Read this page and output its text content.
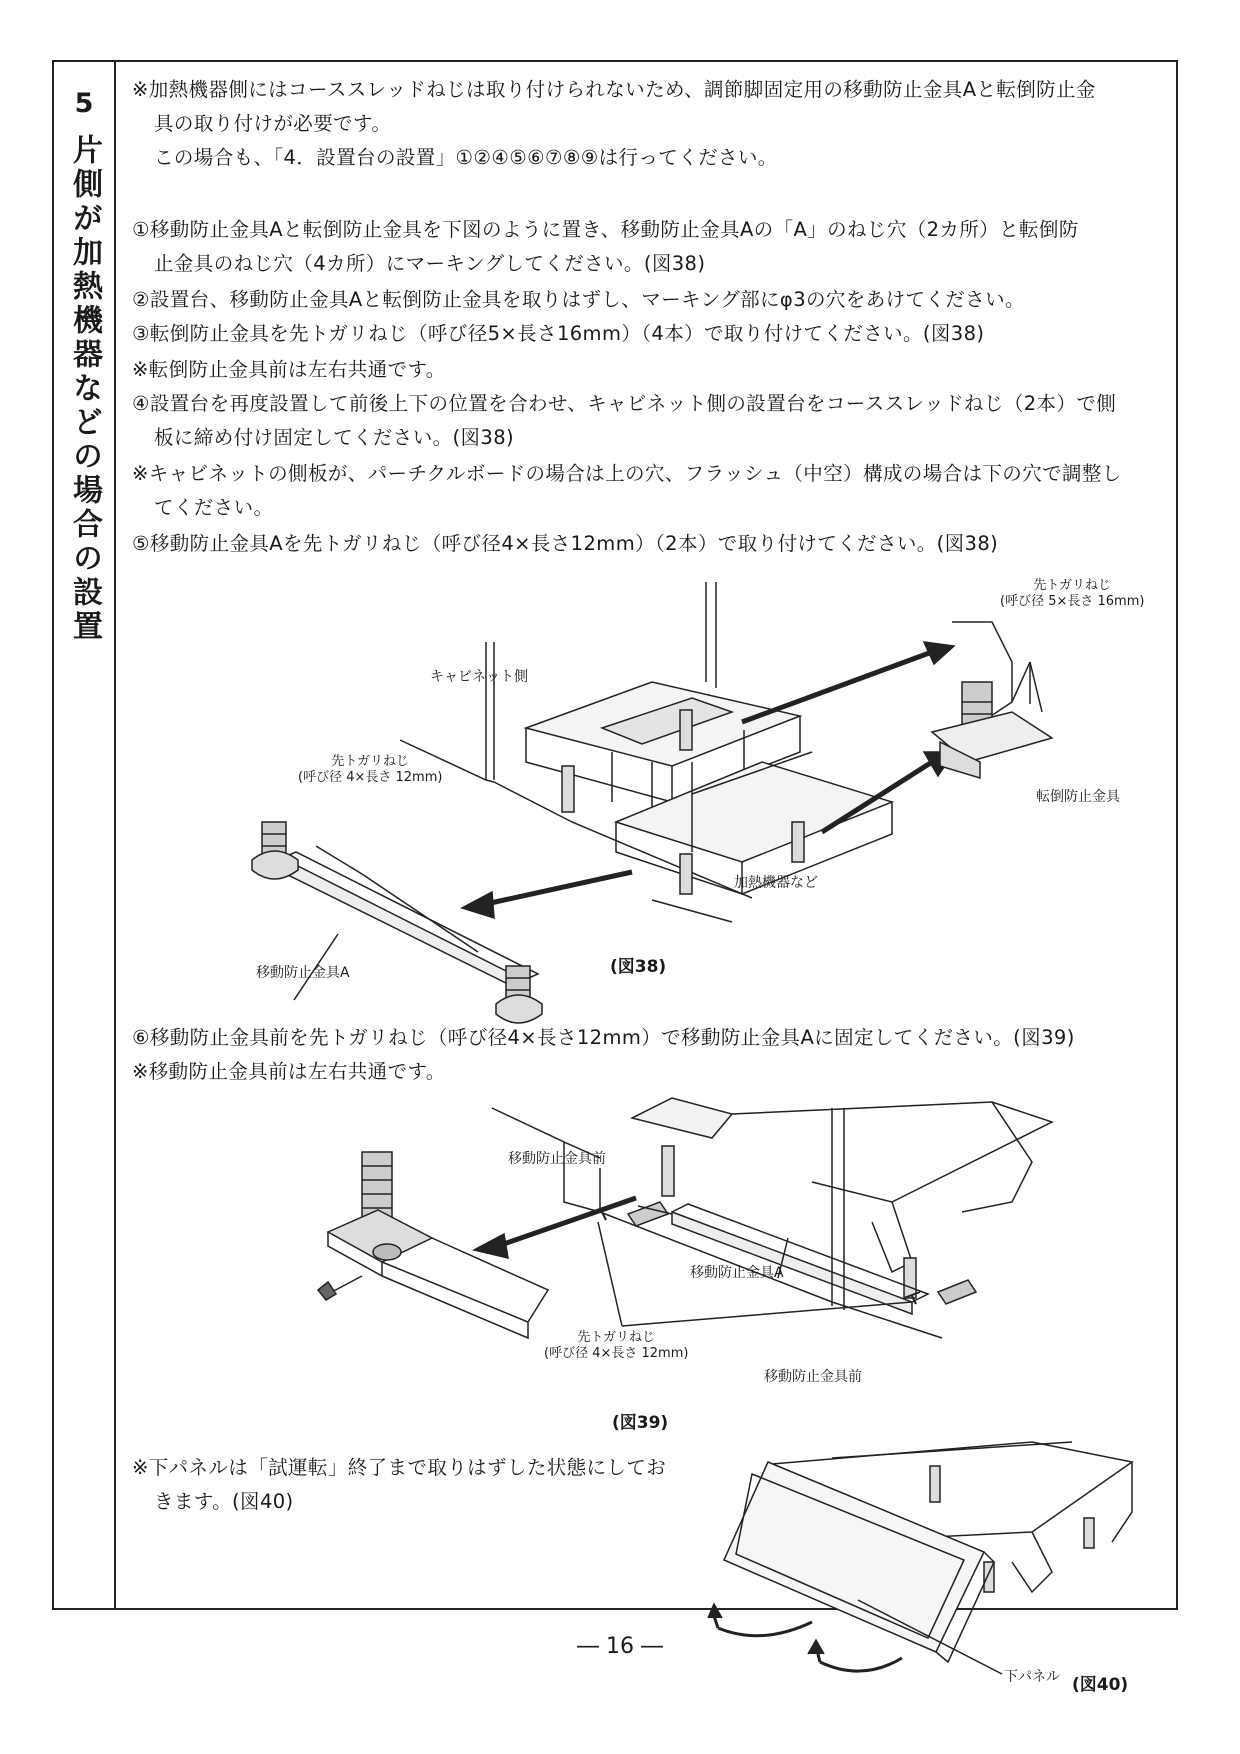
5
片側が加熱機器などの場合の設置
※加熱機器側にはコーススレッドねじは取り付けられないため、調節脚固定用の移動防止金具Aと転倒防止金
具の取り付けが必要です。
この場合も、「4．設置台の設置」①②④⑤⑥⑦⑧⑨は行ってください。
①移動防止金具Aと転倒防止金具を下図のように置き、移動防止金具Aの「A」のねじ穴（2カ所）と転倒防
止金具のねじ穴（4カ所）にマーキングしてください。(図38)
②設置台、移動防止金具Aと転倒防止金具を取りはずし、マーキング部にφ3の穴をあけてください。
③転倒防止金具を先トガリねじ（呼び径5×長さ16mm）（4本）で取り付けてください。(図38)
※転倒防止金具前は左右共通です。
④設置台を再度設置して前後上下の位置を合わせ、キャビネット側の設置台をコーススレッドねじ（2本）で側
板に締め付け固定してください。(図38)
※キャビネットの側板が、パーチクルボードの場合は上の穴、フラッシュ（中空）構成の場合は下の穴で調整し
てください。
⑤移動防止金具Aを先トガリねじ（呼び径4×長さ12mm）（2本）で取り付けてください。(図38)
先トガリねじ
(呼び径 5×長さ 16mm)
キャビネット側
先トガリねじ
(呼び径 4×長さ 12mm)
転倒防止金具
加熱機器など
移動防止金具A	(図38)
⑥移動防止金具前を先トガリねじ（呼び径4×長さ12mm）で移動防止金具Aに固定してください。(図39)
※移動防止金具前は左右共通です。
移動防止金具前
移動防止金具A
先トガリねじ
(呼び径 4×長さ 12mm)
移動防止金具前
(図39)
※下パネルは「試運転」終了まで取りはずした状態にしてお
きます。(図40)
下パネル (図40)
― 16 ―
